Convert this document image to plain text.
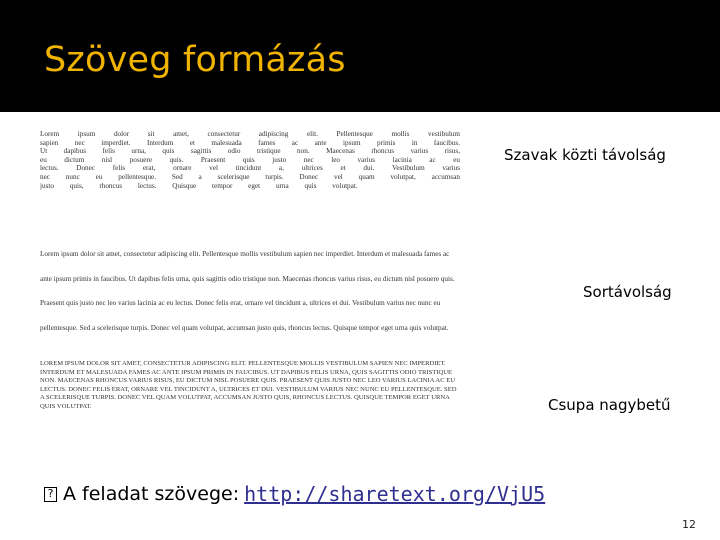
Szöveg formázás

Lorem ipsum dolor sit amet, consectetur adipiscing elit. Pellentesque mollis vestibulum sapien nec imperdiet. Interdum et malesuada fames ac ante ipsum primis in faucibus. Ut dapibus felis urna, quis sagittis odio tristique non. Maecenas rhoncus varius risus, eu dictum nisl posuere quis. Praesent quis justo nec leo varius lacinia ac eu lectus. Donec felis erat, ornare vel tincidunt a, ultrices et dui. Vestibulum varius nec nunc eu pellentesque. Sed a scelerisque turpis. Donec vel quam volutpat, accumsan justo quis, rhoncus lectus. Quisque tempor eget urna quis volutpat.

Lorem ipsum dolor sit amet, consectetur adipiscing elit. Pellentesque mollis vestibulum sapien nec imperdiet. Interdum et malesuada fames ac ante ipsum primis in faucibus. Ut dapibus felis urna, quis sagittis odio tristique non. Maecenas rhoncus varius risus, eu dictum nisl posuere quis. Praesent quis justo nec leo varius lacinia ac eu lectus. Donec felis erat, ornare vel tincidunt a, ultrices et dui. Vestibulum varius nec nunc eu pellentesque. Sed a scelerisque turpis. Donec vel quam volutpat, accumsan justo quis, rhoncus lectus. Quisque tempor eget urna quis volutpat.

LOREM IPSUM DOLOR SIT AMET, CONSECTETUR ADIPISCING ELIT. PELLENTESQUE MOLLIS VESTIBULUM SAPIEN NEC IMPERDIET. INTERDUM ET MALESUADA FAMES AC ANTE IPSUM PRIMIS IN FAUCIBUS. UT DAPIBUS FELIS URNA, QUIS SAGITTIS ODIO TRISTIQUE NON. MAECENAS RHONCUS VARIUS RISUS, EU DICTUM NISL POSUERE QUIS. PRAESENT QUIS JUSTO NEC LEO VARIUS LACINIA AC EU LECTUS. DONEC FELIS ERAT, ORNARE VEL TINCIDUNT A, ULTRICES ET DUI. VESTIBULUM VARIUS NEC NUNC EU PELLENTESQUE. SED A SCELERISQUE TURPIS. DONEC VEL QUAM VOLUTPAT, ACCUMSAN JUSTO QUIS, RHONCUS LECTUS. QUISQUE TEMPOR EGET URNA QUIS VOLUTPAT.

Szavak közti távolság
Sortávolság
Csupa nagybetű
? A feladat szövege: http://sharetext.org/VjU5
12
